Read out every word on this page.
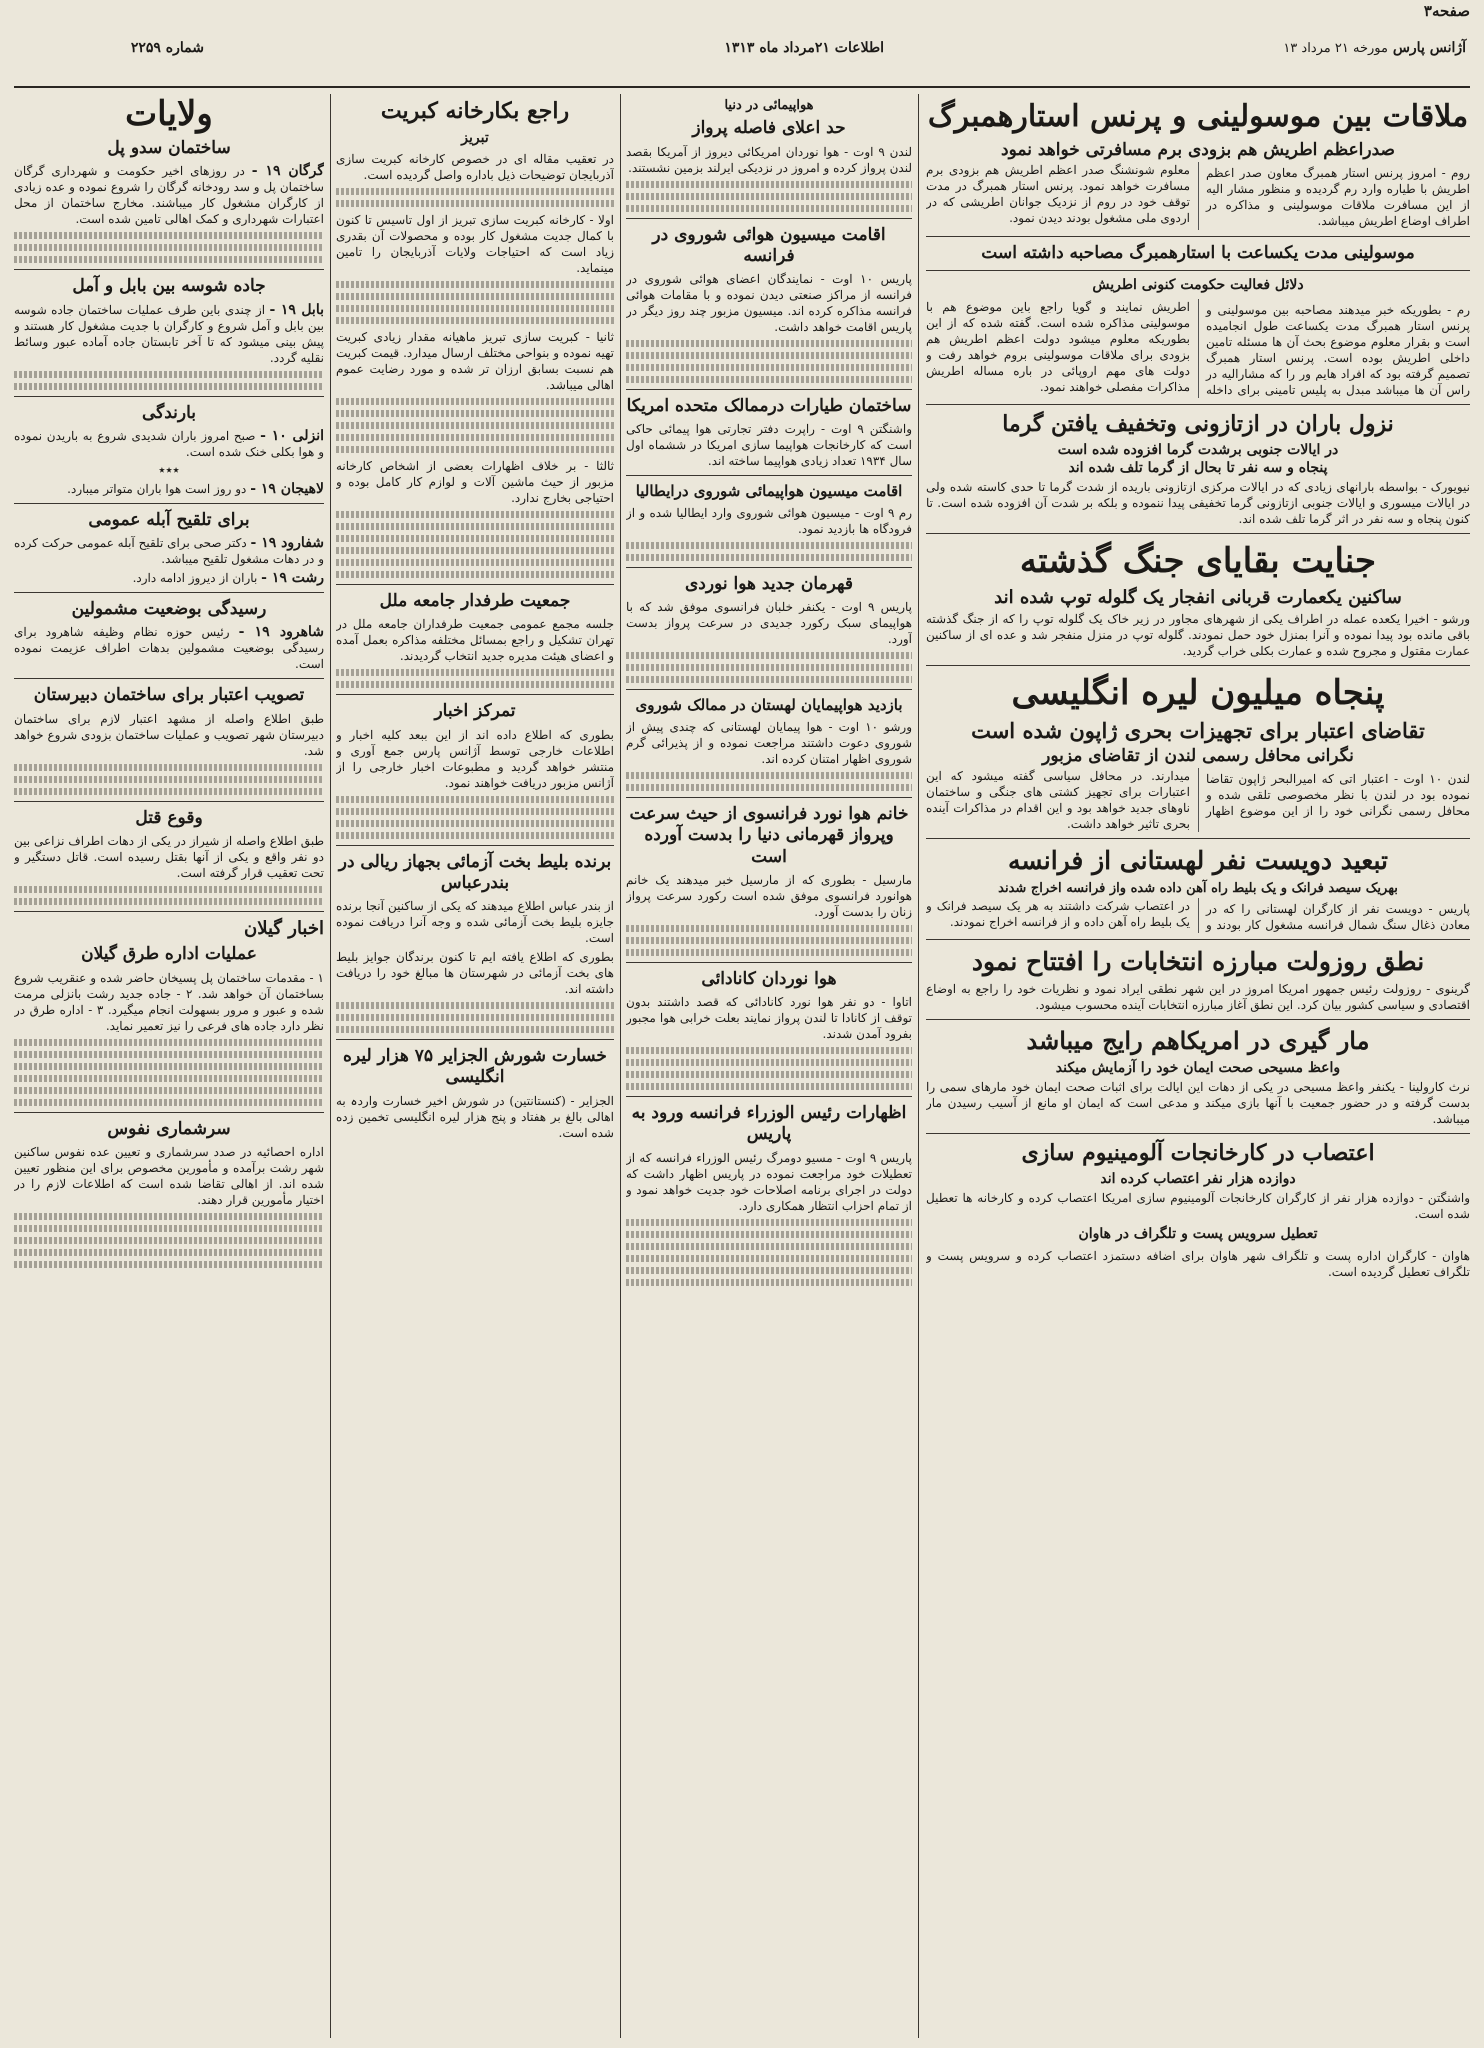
صفحه۳
شماره ۲۲۵۹	اطلاعات ۲۱مرداد ماه ۱۳۱۳	آژانس پارس مورخه ۲۱ مرداد ۱۳
ملاقات بین موسولینی و پرنس استارهمبرگ
صدراعظم اطریش هم بزودی برم مسافرتی خواهد نمود

روم - امروز پرنس استار همبرگ معاون صدر اعظم اطریش با طیاره وارد رم گردیده و منظور مشار الیه از این مسافرت ملاقات موسولینی و مذاکره در اطراف اوضاع اطریش میباشد.

معلوم شونشنگ صدر اعظم اطریش هم بزودی برم مسافرت خواهد نمود. پرنس استار همبرگ در مدت توقف خود در روم از نزدیک جوانان اطریشی که در اردوی ملی مشغول بودند دیدن نمود.

موسولینی مدت یکساعت با استارهمبرگ مصاحبه داشته است
دلائل فعالیت حکومت کنونی اطریش

رم - بطوریکه خبر میدهند مصاحبه بین موسولینی و پرنس استار همبرگ مدت یکساعت طول انجامیده است و بقرار معلوم موضوع بحث آن ها مسئله تامین داخلی اطریش بوده است. پرنس استار همبرگ تصمیم گرفته بود که افراد هایم ور را که مشارالیه در راس آن ها میباشد مبدل به پلیس تامینی برای داخله اطریش نمایند و گویا راجع باین موضوع هم با موسولینی مذاکره شده است. گفته شده که از این بطوریکه معلوم میشود دولت اعظم اطریش هم بزودی برای ملاقات موسولینی بروم خواهد رفت و دولت های مهم اروپائی در باره مساله اطریش مذاکرات مفصلی خواهند نمود.

نزول باران در ازتازونی وتخفیف یافتن گرما
در ایالات جنوبی برشدت گرما افزوده شده است
پنجاه و سه نفر تا بحال از گرما تلف شده اند

نیویورک - بواسطه بارانهای زیادی که در ایالات مرکزی ازتازونی باریده از شدت گرما تا حدی کاسته شده ولی در ایالات میسوری و ایالات جنوبی ازتازونی گرما تخفیفی پیدا ننموده و بلکه بر شدت آن افزوده شده است. تا کنون پنجاه و سه نفر در اثر گرما تلف شده اند.

جنایت بقایای جنگ گذشته
ساکنین یکعمارت قربانی انفجار یک گلوله توپ شده اند

ورشو - اخیرا یکعده عمله در اطراف یکی از شهرهای مجاور در زیر خاک یک گلوله توپ را که از جنگ گذشته باقی مانده بود پیدا نموده و آنرا بمنزل خود حمل نمودند. گلوله توپ در منزل منفجر شد و عده ای از ساکنین عمارت مقتول و مجروح شده و عمارت بکلی خراب گردید.

پنجاه میلیون لیره انگلیسی
تقاضای اعتبار برای تجهیزات بحری ژاپون شده است
نگرانی محافل رسمی لندن از تقاضای مزبور

لندن ۱۰ اوت - اعتبار اتی که امیرالبحر ژاپون تقاضا نموده بود در لندن با نظر مخصوصی تلقی شده و محافل رسمی نگرانی خود را از این موضوع اظهار میدارند. در محافل سیاسی گفته میشود که این اعتبارات برای تجهیز کشتی های جنگی و ساختمان ناوهای جدید خواهد بود و این اقدام در مذاکرات آینده بحری تاثیر خواهد داشت.

تبعید دویست نفر لهستانی از فرانسه
بهریک سیصد فرانک و یک بلیط راه آهن داده شده واز فرانسه اخراج شدند

پاریس - دویست نفر از کارگران لهستانی را که در معادن ذغال سنگ شمال فرانسه مشغول کار بودند و در اعتصاب شرکت داشتند به هر یک سیصد فرانک و یک بلیط راه آهن داده و از فرانسه اخراج نمودند.

نطق روزولت مبارزه انتخابات را افتتاح نمود

گرینوی - روزولت رئیس جمهور امریکا امروز در این شهر نطقی ایراد نمود و نظریات خود را راجع به اوضاع اقتصادی و سیاسی کشور بیان کرد. این نطق آغاز مبارزه انتخابات آینده محسوب میشود.

مار گیری در امریکاهم رایج میباشد
واعظ مسیحی صحت ایمان خود را آزمایش میکند

نرث کارولینا - یکنفر واعظ مسیحی در یکی از دهات این ایالت برای اثبات صحت ایمان خود مارهای سمی را بدست گرفته و در حضور جمعیت با آنها بازی میکند و مدعی است که ایمان او مانع از آسیب رسیدن مار میباشد.

اعتصاب در کارخانجات آلومینیوم سازی
دوازده هزار نفر اعتصاب کرده اند

واشنگتن - دوازده هزار نفر از کارگران کارخانجات آلومینیوم سازی امریکا اعتصاب کرده و کارخانه ها تعطیل شده است.

تعطیل سرویس پست و تلگراف در هاوان

هاوان - کارگران اداره پست و تلگراف شهر هاوان برای اضافه دستمزد اعتصاب کرده و سرویس پست و تلگراف تعطیل گردیده است.

هواپیمائی در دنیا
حد اعلای فاصله پرواز

لندن ۹ اوت - هوا نوردان امریکائی دیروز از آمریکا بقصد لندن پرواز کرده و امروز در نزدیکی ایرلند بزمین نشستند.

اقامت میسیون هوائی شوروی در فرانسه

پاریس ۱۰ اوت - نمایندگان اعضای هوائی شوروی در فرانسه از مراکز صنعتی دیدن نموده و با مقامات هوائی فرانسه مذاکره کرده اند. میسیون مزبور چند روز دیگر در پاریس اقامت خواهد داشت.

ساختمان طیارات درممالک متحده امریکا

واشنگتن ۹ اوت - راپرت دفتر تجارتی هوا پیمائی حاکی است که کارخانجات هواپیما سازی امریکا در ششماه اول سال ۱۹۳۴ تعداد زیادی هواپیما ساخته اند.

اقامت میسیون هواپیمائی شوروی درایطالیا

رم ۹ اوت - میسیون هوائی شوروی وارد ایطالیا شده و از فرودگاه ها بازدید نمود.

قهرمان جدید هوا نوردی

پاریس ۹ اوت - یکنفر خلبان فرانسوی موفق شد که با هواپیمای سبک رکورد جدیدی در سرعت پرواز بدست آورد.

بازدید هواپیمایان لهستان در ممالک شوروی

ورشو ۱۰ اوت - هوا پیمایان لهستانی که چندی پیش از شوروی دعوت داشتند مراجعت نموده و از پذیرائی گرم شوروی اظهار امتنان کرده اند.

خانم هوا نورد فرانسوی از حیث سرعت وپرواز قهرمانی دنیا را بدست آورده است

مارسیل - بطوری که از مارسیل خبر میدهند یک خانم هوانورد فرانسوی موفق شده است رکورد سرعت پرواز زنان را بدست آورد.

هوا نوردان کانادائی

اتاوا - دو نفر هوا نورد کانادائی که قصد داشتند بدون توقف از کانادا تا لندن پرواز نمایند بعلت خرابی هوا مجبور بفرود آمدن شدند.

اظهارات رئیس الوزراء فرانسه ورود به پاریس

پاریس ۹ اوت - مسیو دومرگ رئیس الوزراء فرانسه که از تعطیلات خود مراجعت نموده در پاریس اظهار داشت که دولت در اجرای برنامه اصلاحات خود جدیت خواهد نمود و از تمام احزاب انتظار همکاری دارد.

راجع بکارخانه کبریت
تبریز

در تعقیب مقاله ای در خصوص کارخانه کبریت سازی آذربایجان توضیحات ذیل باداره واصل گردیده است.

اولا - کارخانه کبریت سازی تبریز از اول تاسیس تا کنون با کمال جدیت مشغول کار بوده و محصولات آن بقدری زیاد است که احتیاجات ولایات آذربایجان را تامین مینماید.

ثانیا - کبریت سازی تبریز ماهیانه مقدار زیادی کبریت تهیه نموده و بنواحی مختلف ارسال میدارد. قیمت کبریت هم نسبت بسابق ارزان تر شده و مورد رضایت عموم اهالی میباشد.

ثالثا - بر خلاف اظهارات بعضی از اشخاص کارخانه مزبور از حیث ماشین آلات و لوازم کار کامل بوده و احتیاجی بخارج ندارد.

جمعیت طرفدار جامعه ملل

جلسه مجمع عمومی جمعیت طرفداران جامعه ملل در تهران تشکیل و راجع بمسائل مختلفه مذاکره بعمل آمده و اعضای هیئت مدیره جدید انتخاب گردیدند.

تمرکز اخبار

بطوری که اطلاع داده اند از این ببعد کلیه اخبار و اطلاعات خارجی توسط آژانس پارس جمع آوری و منتشر خواهد گردید و مطبوعات اخبار خارجی را از آژانس مزبور دریافت خواهند نمود.

برنده بلیط بخت آزمائی بجهاز ریالی در بندرعباس

از بندر عباس اطلاع میدهند که یکی از ساکنین آنجا برنده جایزه بلیط بخت آزمائی شده و وجه آنرا دریافت نموده است.

بطوری که اطلاع یافته ایم تا کنون برندگان جوایز بلیط های بخت آزمائی در شهرستان ها مبالغ خود را دریافت داشته اند.

خسارت شورش الجزایر ۷۵ هزار لیره انگلیسی

الجزایر - (کنستانتین) در شورش اخیر خسارت واردہ به اهالی بالغ بر هفتاد و پنج هزار لیره انگلیسی تخمین زده شده است.

ولایات
ساختمان سدو پل

گرگان ۱۹ - در روزهای اخیر حکومت و شهرداری گرگان ساختمان پل و سد رودخانه گرگان را شروع نموده و عده زیادی از کارگران مشغول کار میباشند. مخارج ساختمان از محل اعتبارات شهرداری و کمک اهالی تامین شده است.

جاده شوسه بین بابل و آمل

بابل ۱۹ - از چندی باین طرف عملیات ساختمان جاده شوسه بین بابل و آمل شروع و کارگران با جدیت مشغول کار هستند و پیش بینی میشود که تا آخر تابستان جاده آماده عبور وسائط نقلیه گردد.

بارندگی

انزلی ۱۰ - صبح امروز باران شدیدی شروع به باریدن نموده و هوا بکلی خنک شده است.

٭٭٭

لاهیجان ۱۹ - دو روز است هوا باران متواتر میبارد.

برای تلقیح آبله عمومی

شفارود ۱۹ - دکتر صحی برای تلقیح آبله عمومی حرکت کرده و در دهات مشغول تلقیح میباشد.

رشت ۱۹ - باران از دیروز ادامه دارد.

رسیدگی بوضعیت مشمولین

شاهرود ۱۹ - رئیس حوزه نظام وظیفه شاهرود برای رسیدگی بوضعیت مشمولین بدهات اطراف عزیمت نموده است.

تصویب اعتبار برای ساختمان دبیرستان

طبق اطلاع واصله از مشهد اعتبار لازم برای ساختمان دبیرستان شهر تصویب و عملیات ساختمان بزودی شروع خواهد شد.

وقوع قتل

طبق اطلاع واصله از شیراز در یکی از دهات اطراف نزاعی بین دو نفر واقع و یکی از آنها بقتل رسیده است. قاتل دستگیر و تحت تعقیب قرار گرفته است.

اخبار گیلان
عملیات اداره طرق گیلان

۱ - مقدمات ساختمان پل پسیخان حاضر شده و عنقریب شروع بساختمان آن خواهد شد. ۲ - جاده جدید رشت بانزلی مرمت شده و عبور و مرور بسهولت انجام میگیرد. ۳ - اداره طرق در نظر دارد جاده های فرعی را نیز تعمیر نماید.

سرشماری نفوس

اداره احصائیه در صدد سرشماری و تعیین عده نفوس ساکنین شهر رشت برآمده و مأمورین مخصوص برای این منظور تعیین شده اند. از اهالی تقاضا شده است که اطلاعات لازم را در اختیار مأمورین قرار دهند.
